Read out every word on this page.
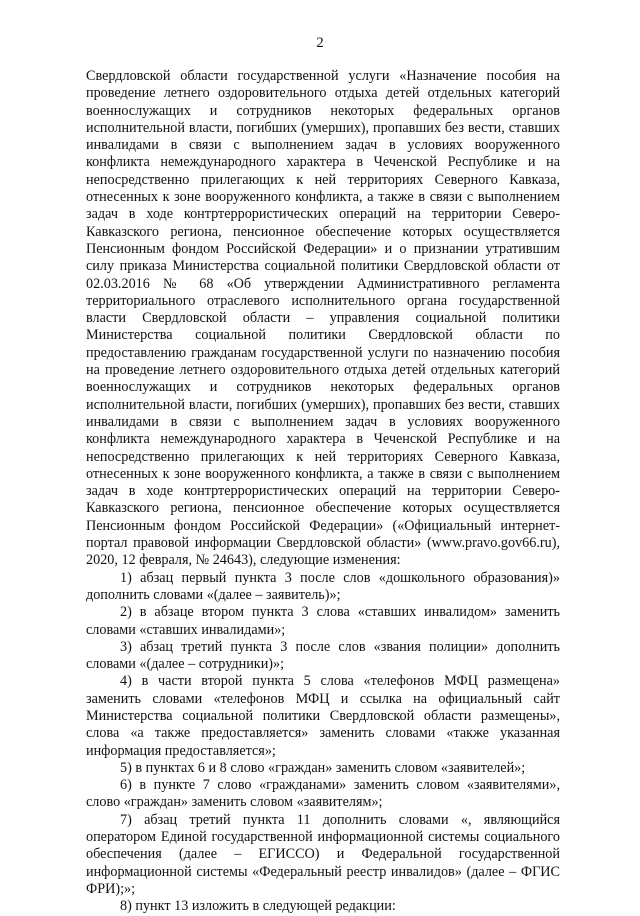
2

Свердловской области государственной услуги «Назначение пособия на проведение летнего оздоровительного отдыха детей отдельных категорий военнослужащих и сотрудников некоторых федеральных органов исполнительной власти, погибших (умерших), пропавших без вести, ставших инвалидами в связи с выполнением задач в условиях вооруженного конфликта немеждународного характера в Чеченской Республике и на непосредственно прилегающих к ней территориях Северного Кавказа, отнесенных к зоне вооруженного конфликта, а также в связи с выполнением задач в ходе контртеррористических операций на территории Северо-Кавказского региона, пенсионное обеспечение которых осуществляется Пенсионным фондом Российской Федерации» и о признании утратившим силу приказа Министерства социальной политики Свердловской области от 02.03.2016 № 68 «Об утверждении Административного регламента территориального отраслевого исполнительного органа государственной власти Свердловской области – управления социальной политики Министерства социальной политики Свердловской области по предоставлению гражданам государственной услуги по назначению пособия на проведение летнего оздоровительного отдыха детей отдельных категорий военнослужащих и сотрудников некоторых федеральных органов исполнительной власти, погибших (умерших), пропавших без вести, ставших инвалидами в связи с выполнением задач в условиях вооруженного конфликта немеждународного характера в Чеченской Республике и на непосредственно прилегающих к ней территориях Северного Кавказа, отнесенных к зоне вооруженного конфликта, а также в связи с выполнением задач в ходе контртеррористических операций на территории Северо-Кавказского региона, пенсионное обеспечение которых осуществляется Пенсионным фондом Российской Федерации» («Официальный интернет-портал правовой информации Свердловской области» (www.pravo.gov66.ru), 2020, 12 февраля, № 24643), следующие изменения:

1) абзац первый пункта 3 после слов «дошкольного образования)» дополнить словами «(далее – заявитель)»;

2) в абзаце втором пункта 3 слова «ставших инвалидом» заменить словами «ставших инвалидами»;

3) абзац третий пункта 3 после слов «звания полиции» дополнить словами «(далее – сотрудники)»;

4) в части второй пункта 5 слова «телефонов МФЦ размещена» заменить словами «телефонов МФЦ и ссылка на официальный сайт Министерства социальной политики Свердловской области размещены», слова «а также предоставляется» заменить словами «также указанная информация предоставляется»;

5) в пунктах 6 и 8 слово «граждан» заменить словом «заявителей»;

6) в пункте 7 слово «гражданами» заменить словом «заявителями», слово «граждан» заменить словом «заявителям»;

7) абзац третий пункта 11 дополнить словами «, являющийся оператором Единой государственной информационной системы социального обеспечения (далее – ЕГИССО) и Федеральной государственной информационной системы «Федеральный реестр инвалидов» (далее – ФГИС ФРИ);»;

8) пункт 13 изложить в следующей редакции:
